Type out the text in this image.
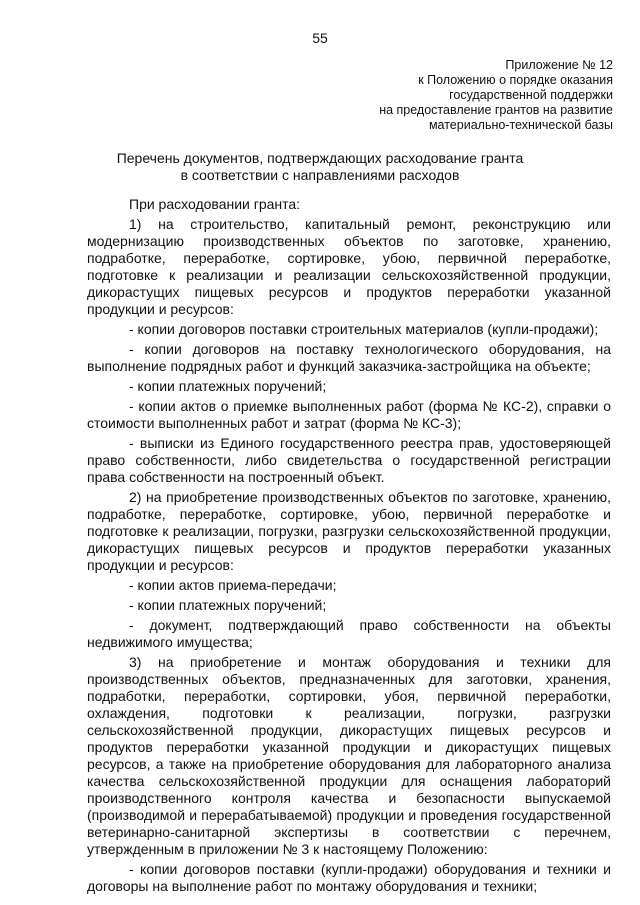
55
Приложение № 12
к Положению о порядке оказания
государственной поддержки
на предоставление грантов на развитие
материально-технической базы
Перечень документов, подтверждающих расходование гранта
в соответствии с направлениями расходов

При расходовании гранта:

1) на строительство, капитальный ремонт, реконструкцию или модернизацию производственных объектов по заготовке, хранению, подработке, переработке, сортировке, убою, первичной переработке, подготовке к реализации и реализации сельскохозяйственной продукции, дикорастущих пищевых ресурсов и продуктов переработки указанной продукции и ресурсов:

- копии договоров поставки строительных материалов (купли-продажи);

- копии договоров на поставку технологического оборудования, на выполнение подрядных работ и функций заказчика-застройщика на объекте;

- копии платежных поручений;

- копии актов о приемке выполненных работ (форма № КС-2), справки о стоимости выполненных работ и затрат (форма № КС-3);

- выписки из Единого государственного реестра прав, удостоверяющей право собственности, либо свидетельства о государственной регистрации права собственности на построенный объект.

2) на приобретение производственных объектов по заготовке, хранению, подработке, переработке, сортировке, убою, первичной переработке и подготовке к реализации, погрузки, разгрузки сельскохозяйственной продукции, дикорастущих пищевых ресурсов и продуктов переработки указанных продукции и ресурсов:

- копии актов приема-передачи;

- копии платежных поручений;

- документ, подтверждающий право собственности на объекты недвижимого имущества;

3) на приобретение и монтаж оборудования и техники для производственных объектов, предназначенных для заготовки, хранения, подработки, переработки, сортировки, убоя, первичной переработки, охлаждения, подготовки к реализации, погрузки, разгрузки сельскохозяйственной продукции, дикорастущих пищевых ресурсов и продуктов переработки указанной продукции и дикорастущих пищевых ресурсов, а также на приобретение оборудования для лабораторного анализа качества сельскохозяйственной продукции для оснащения лабораторий производственного контроля качества и безопасности выпускаемой (производимой и перерабатываемой) продукции и проведения государственной ветеринарно-санитарной экспертизы в соответствии с перечнем, утвержденным в приложении № 3 к настоящему Положению:

- копии договоров поставки (купли-продажи) оборудования и техники и договоры на выполнение работ по монтажу оборудования и техники;
